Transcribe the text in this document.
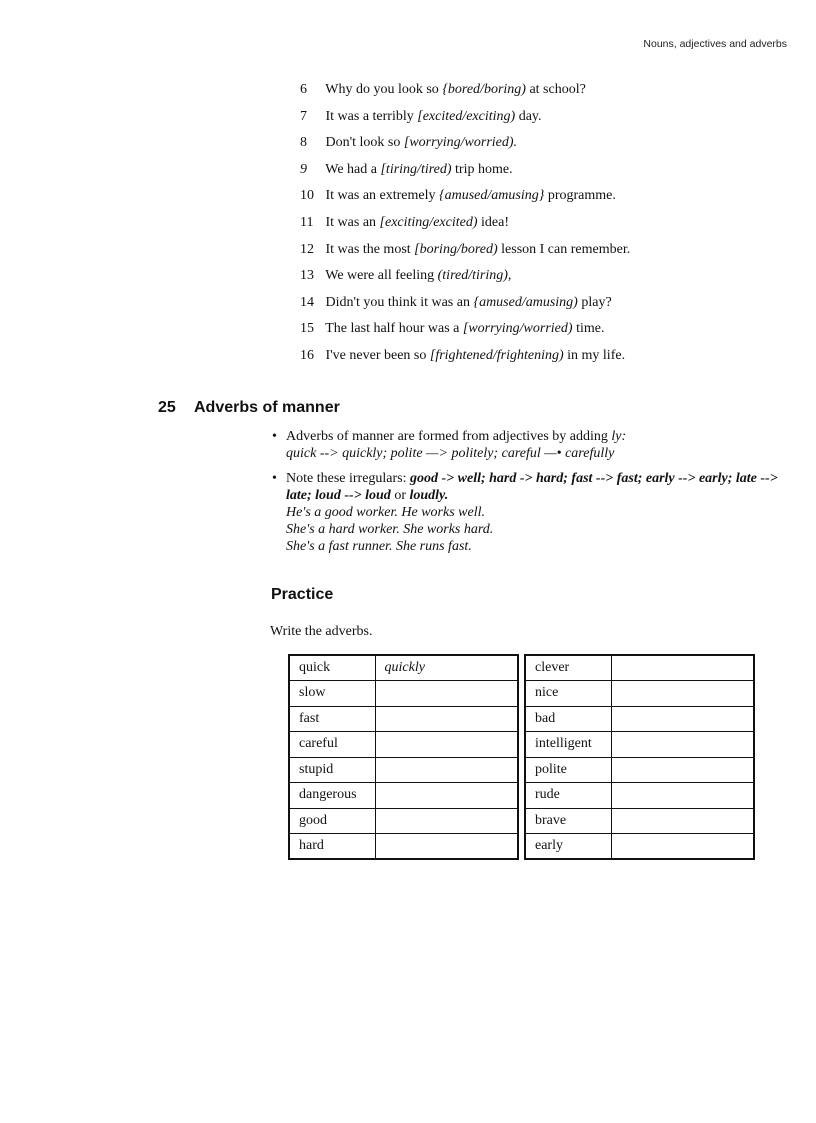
Nouns, adjectives and adverbs
6 Why do you look so {bored/boring) at school?
7 It was a terribly [excited/exciting) day.
8 Don't look so [worrying/worried).
9 We had a [tiring/tired) trip home.
10 It was an extremely {amused/amusing} programme.
11 It was an [exciting/excited) idea!
12 It was the most [boring/bored) lesson I can remember.
13 We were all feeling (tired/tiring),
14 Didn't you think it was an {amused/amusing) play?
15 The last half hour was a [worrying/worried) time.
16 I've never been so [frightened/frightening) in my life.
25 Adverbs of manner
• Adverbs of manner are formed from adjectives by adding ly:
quick --> quickly; polite —> politely; careful —• carefully
• Note these irregulars: good -> well; hard -> hard; fast --> fast; early --> early; late --> late; loud --> loud or loudly.
He's a good worker. He works well.
She's a hard worker. She works hard.
She's a fast runner. She runs fast.
Practice
Write the adverbs.
quick	quickly
slow	
fast	
careful	
stupid	
dangerous	
good	
hard	
clever	
nice	
bad	
intelligent	
polite	
rude	
brave	
early	
